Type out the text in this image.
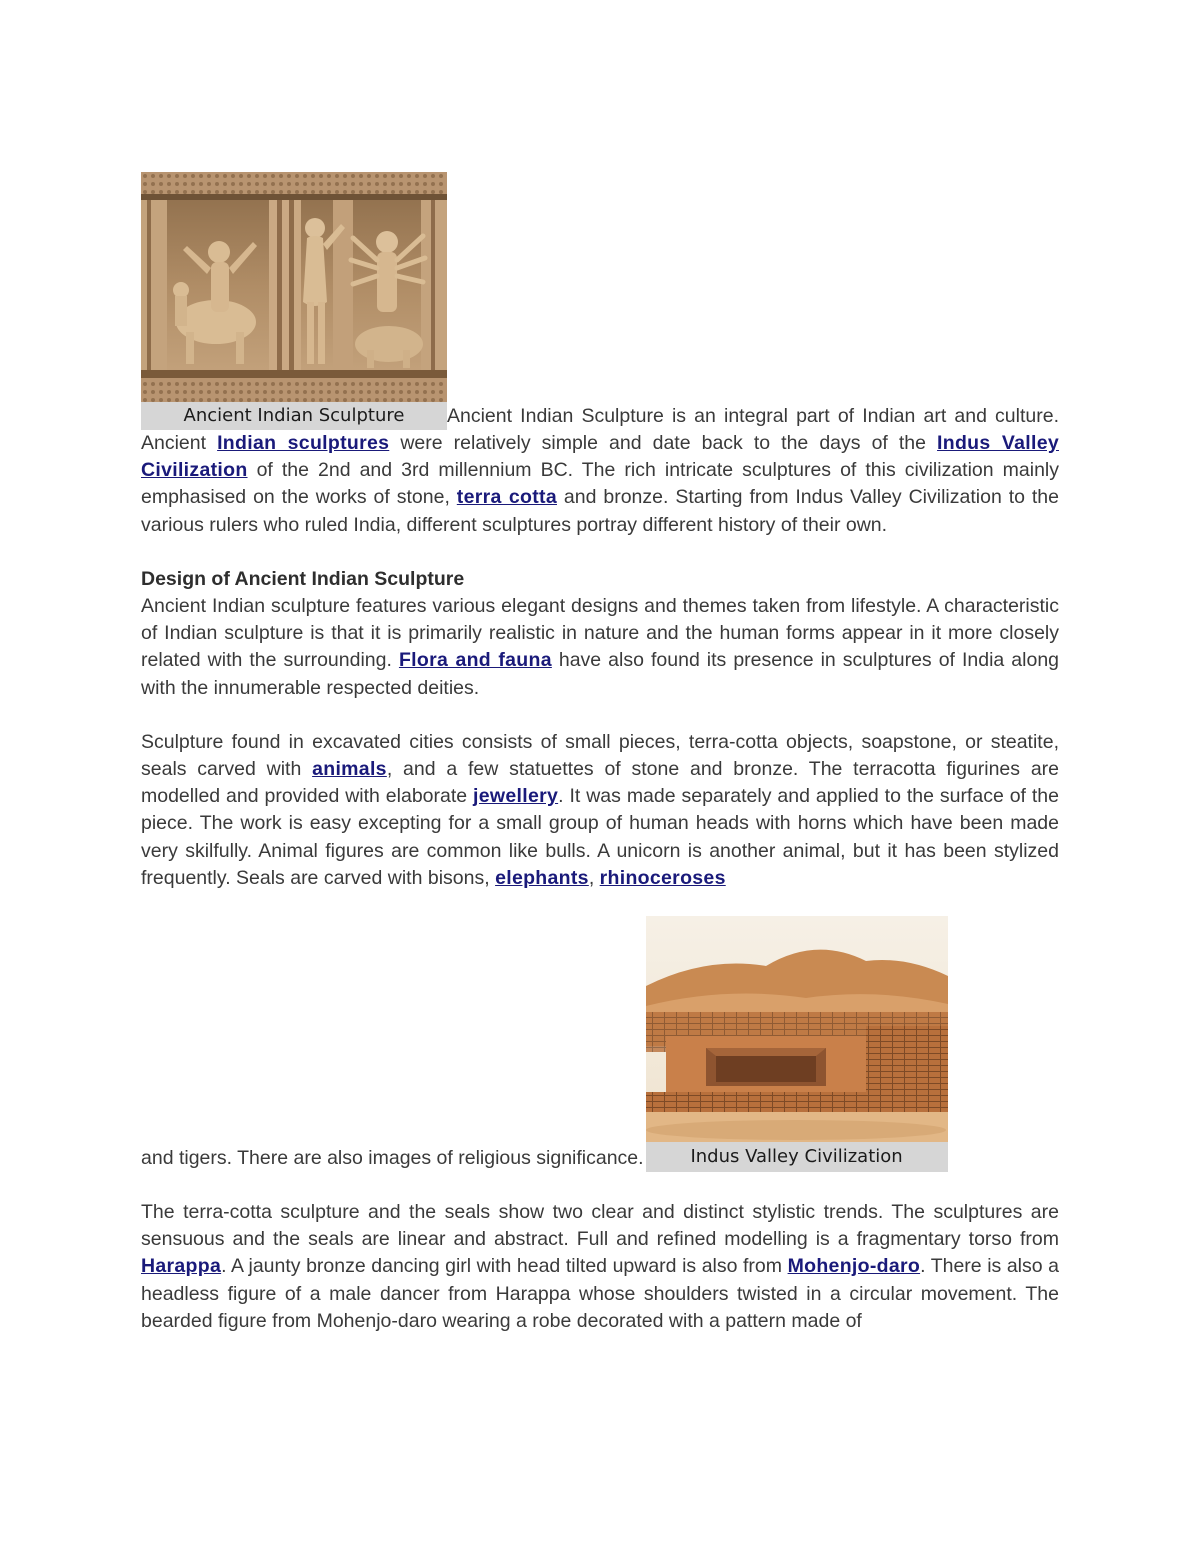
Ancient Indian Sculpture	Ancient Indian Sculpture is an integral part of Indian art and culture. Ancient Indian sculptures were relatively simple and date back to the days of the Indus Valley Civilization of the 2nd and 3rd millennium BC. The rich intricate sculptures of this civilization mainly emphasised on the works of stone, terra cotta and bronze. Starting from Indus Valley Civilization to the various rulers who ruled India, different sculptures portray different history of their own.

Design of Ancient Indian Sculpture

Ancient Indian sculpture features various elegant designs and themes taken from lifestyle. A characteristic of Indian sculpture is that it is primarily realistic in nature and the human forms appear in it more closely related with the surrounding. Flora and fauna have also found its presence in sculptures of India along with the innumerable respected deities.

Sculpture found in excavated cities consists of small pieces, terra-cotta objects, soapstone, or steatite, seals carved with animals, and a few statuettes of stone and bronze. The terracotta figurines are modelled and provided with elaborate jewellery. It was made separately and applied to the surface of the piece. The work is easy excepting for a small group of human heads with horns which have been made very skilfully. Animal figures are common like bulls. A unicorn is another animal, but it has been stylized frequently. Seals are carved with bisons, elephants, rhinoceroses

and tigers. There are also images of religious significance.	Indus Valley Civilization

The terra-cotta sculpture and the seals show two clear and distinct stylistic trends. The sculptures are sensuous and the seals are linear and abstract. Full and refined modelling is a fragmentary torso from Harappa. A jaunty bronze dancing girl with head tilted upward is also from Mohenjo-daro. There is also a headless figure of a male dancer from Harappa whose shoulders twisted in a circular movement. The bearded figure from Mohenjo-daro wearing a robe decorated with a pattern made of
